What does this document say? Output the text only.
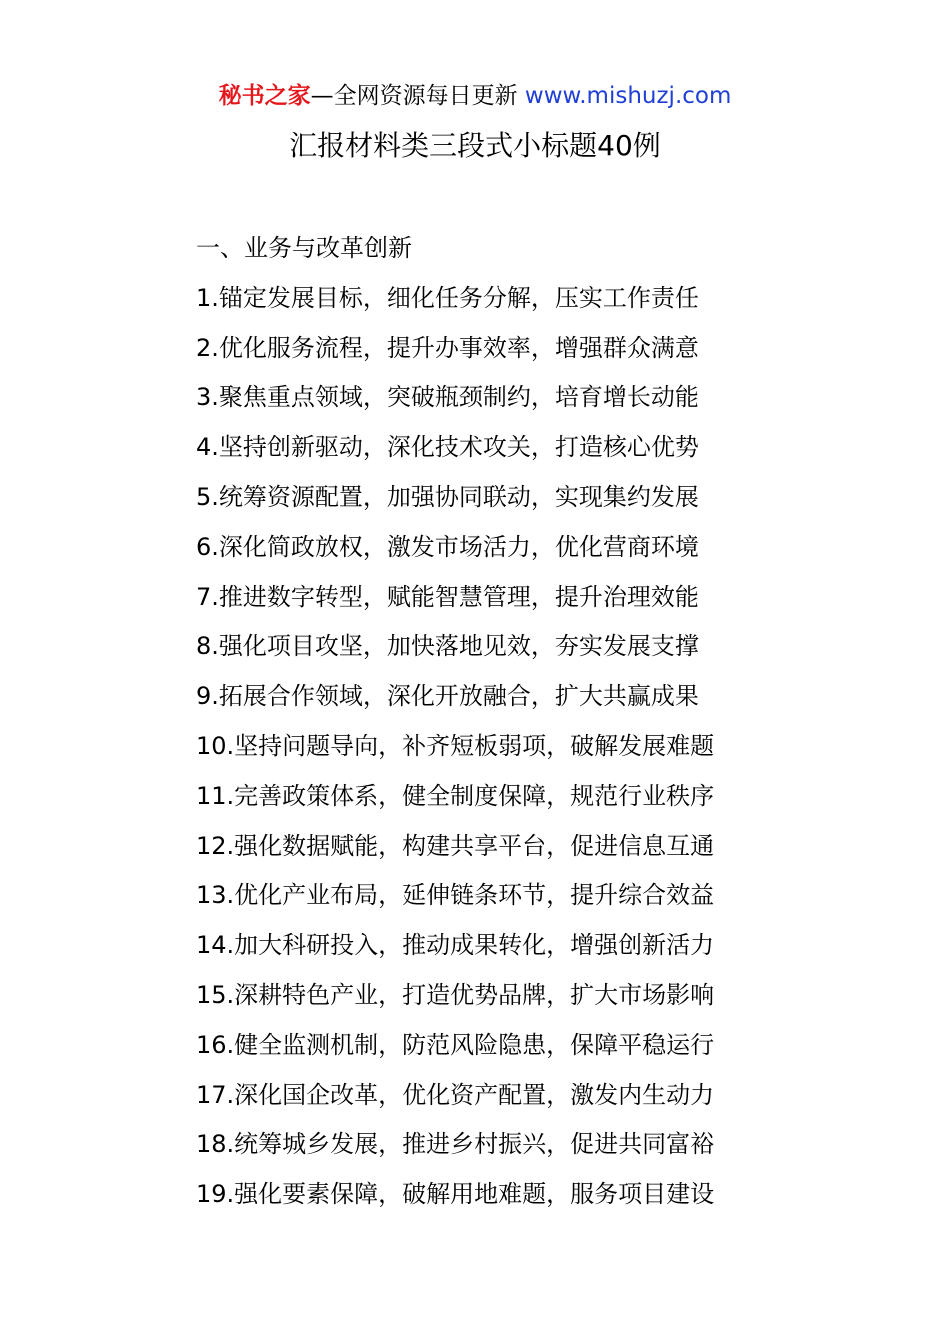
秘书之家—全网资源每日更新 www.mishuzj.com
汇报材料类三段式小标题40例
一、业务与改革创新
1.锚定发展目标，细化任务分解，压实工作责任
2.优化服务流程，提升办事效率，增强群众满意
3.聚焦重点领域，突破瓶颈制约，培育增长动能
4.坚持创新驱动，深化技术攻关，打造核心优势
5.统筹资源配置，加强协同联动，实现集约发展
6.深化简政放权，激发市场活力，优化营商环境
7.推进数字转型，赋能智慧管理，提升治理效能
8.强化项目攻坚，加快落地见效，夯实发展支撑
9.拓展合作领域，深化开放融合，扩大共赢成果
10.坚持问题导向，补齐短板弱项，破解发展难题
11.完善政策体系，健全制度保障，规范行业秩序
12.强化数据赋能，构建共享平台，促进信息互通
13.优化产业布局，延伸链条环节，提升综合效益
14.加大科研投入，推动成果转化，增强创新活力
15.深耕特色产业，打造优势品牌，扩大市场影响
16.健全监测机制，防范风险隐患，保障平稳运行
17.深化国企改革，优化资产配置，激发内生动力
18.统筹城乡发展，推进乡村振兴，促进共同富裕
19.强化要素保障，破解用地难题，服务项目建设
